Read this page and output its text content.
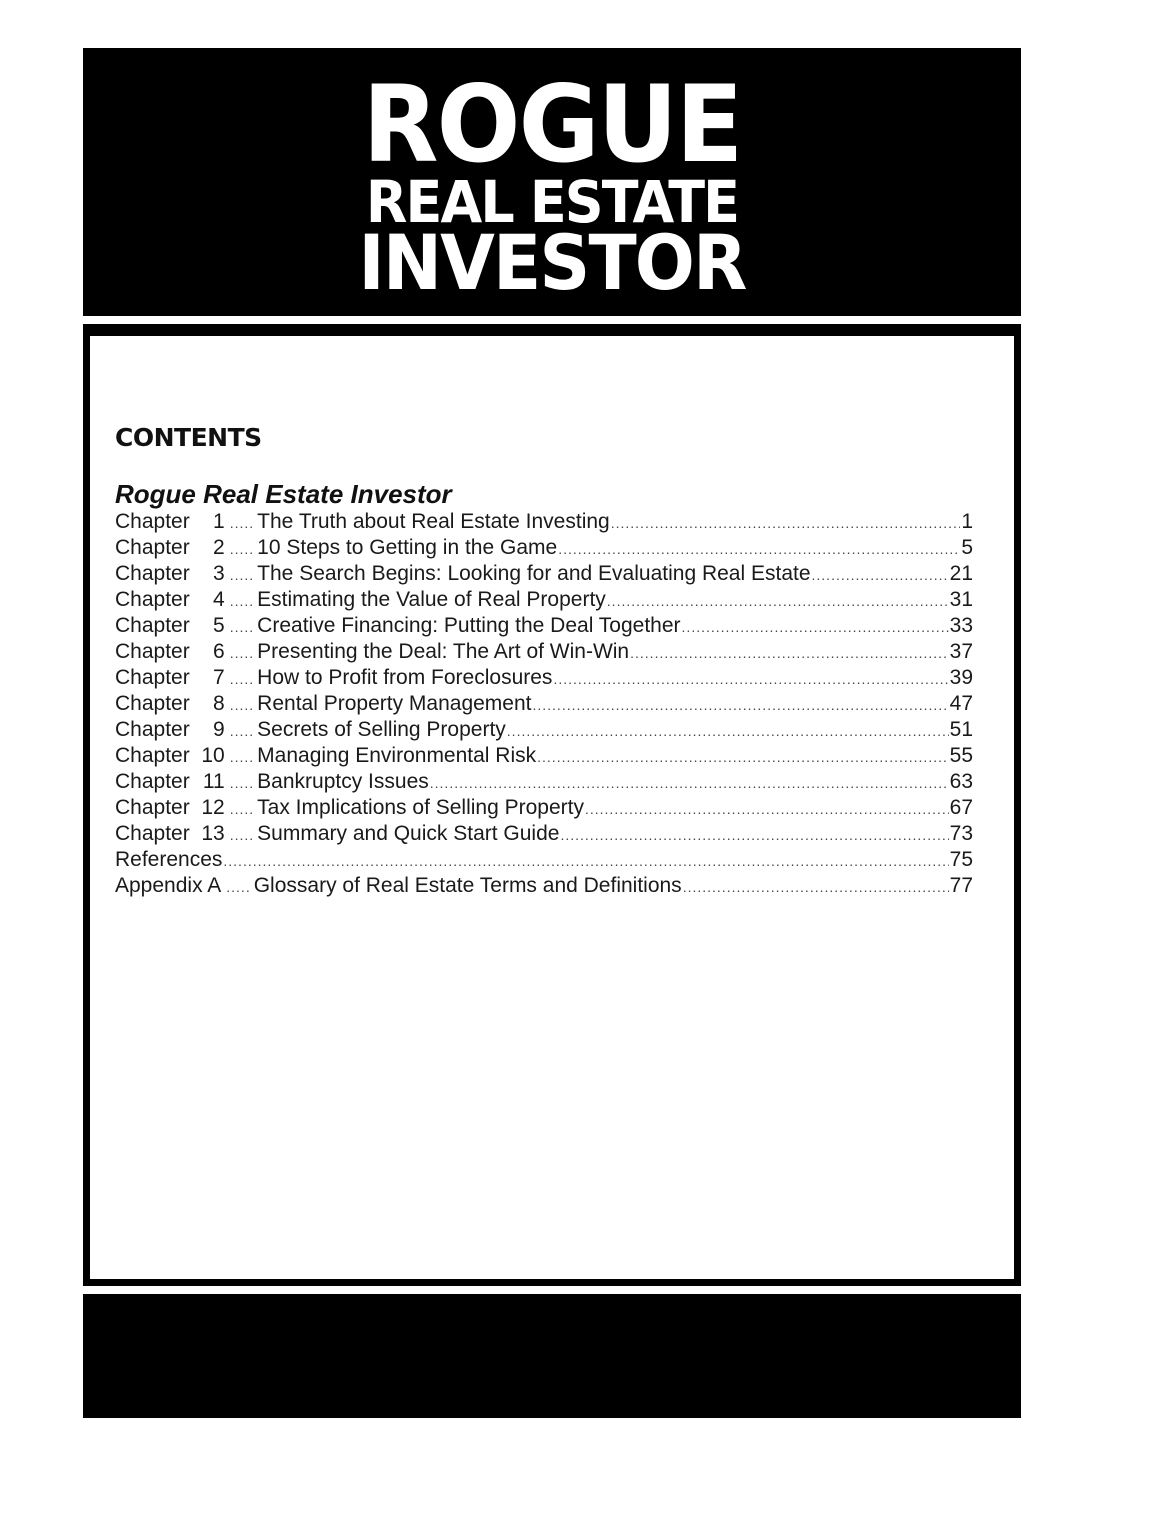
ROGUE
REAL ESTATE
INVESTOR
CONTENTS
Rogue Real Estate Investor
Chapter	1 ..... The Truth about Real Estate Investing .....	1
Chapter	2 ..... 10 Steps to Getting in the Game .....	5
Chapter	3 ..... The Search Begins: Looking for and Evaluating Real Estate .....	21
Chapter	4 ..... Estimating the Value of Real Property .....	31
Chapter	5 ..... Creative Financing: Putting the Deal Together .....	33
Chapter	6 ..... Presenting the Deal: The Art of Win-Win .....	37
Chapter	7 ..... How to Profit from Foreclosures .....	39
Chapter	8 ..... Rental Property Management .....	47
Chapter	9 ..... Secrets of Selling Property .....	51
Chapter 10 ..... Managing Environmental Risk .....	55
Chapter 11 ..... Bankruptcy Issues .....	63
Chapter 12 ..... Tax Implications of Selling Property .....	67
Chapter 13 ..... Summary and Quick Start Guide .....	73
References .....	75
Appendix A ..... Glossary of Real Estate Terms and Definitions .....	77
